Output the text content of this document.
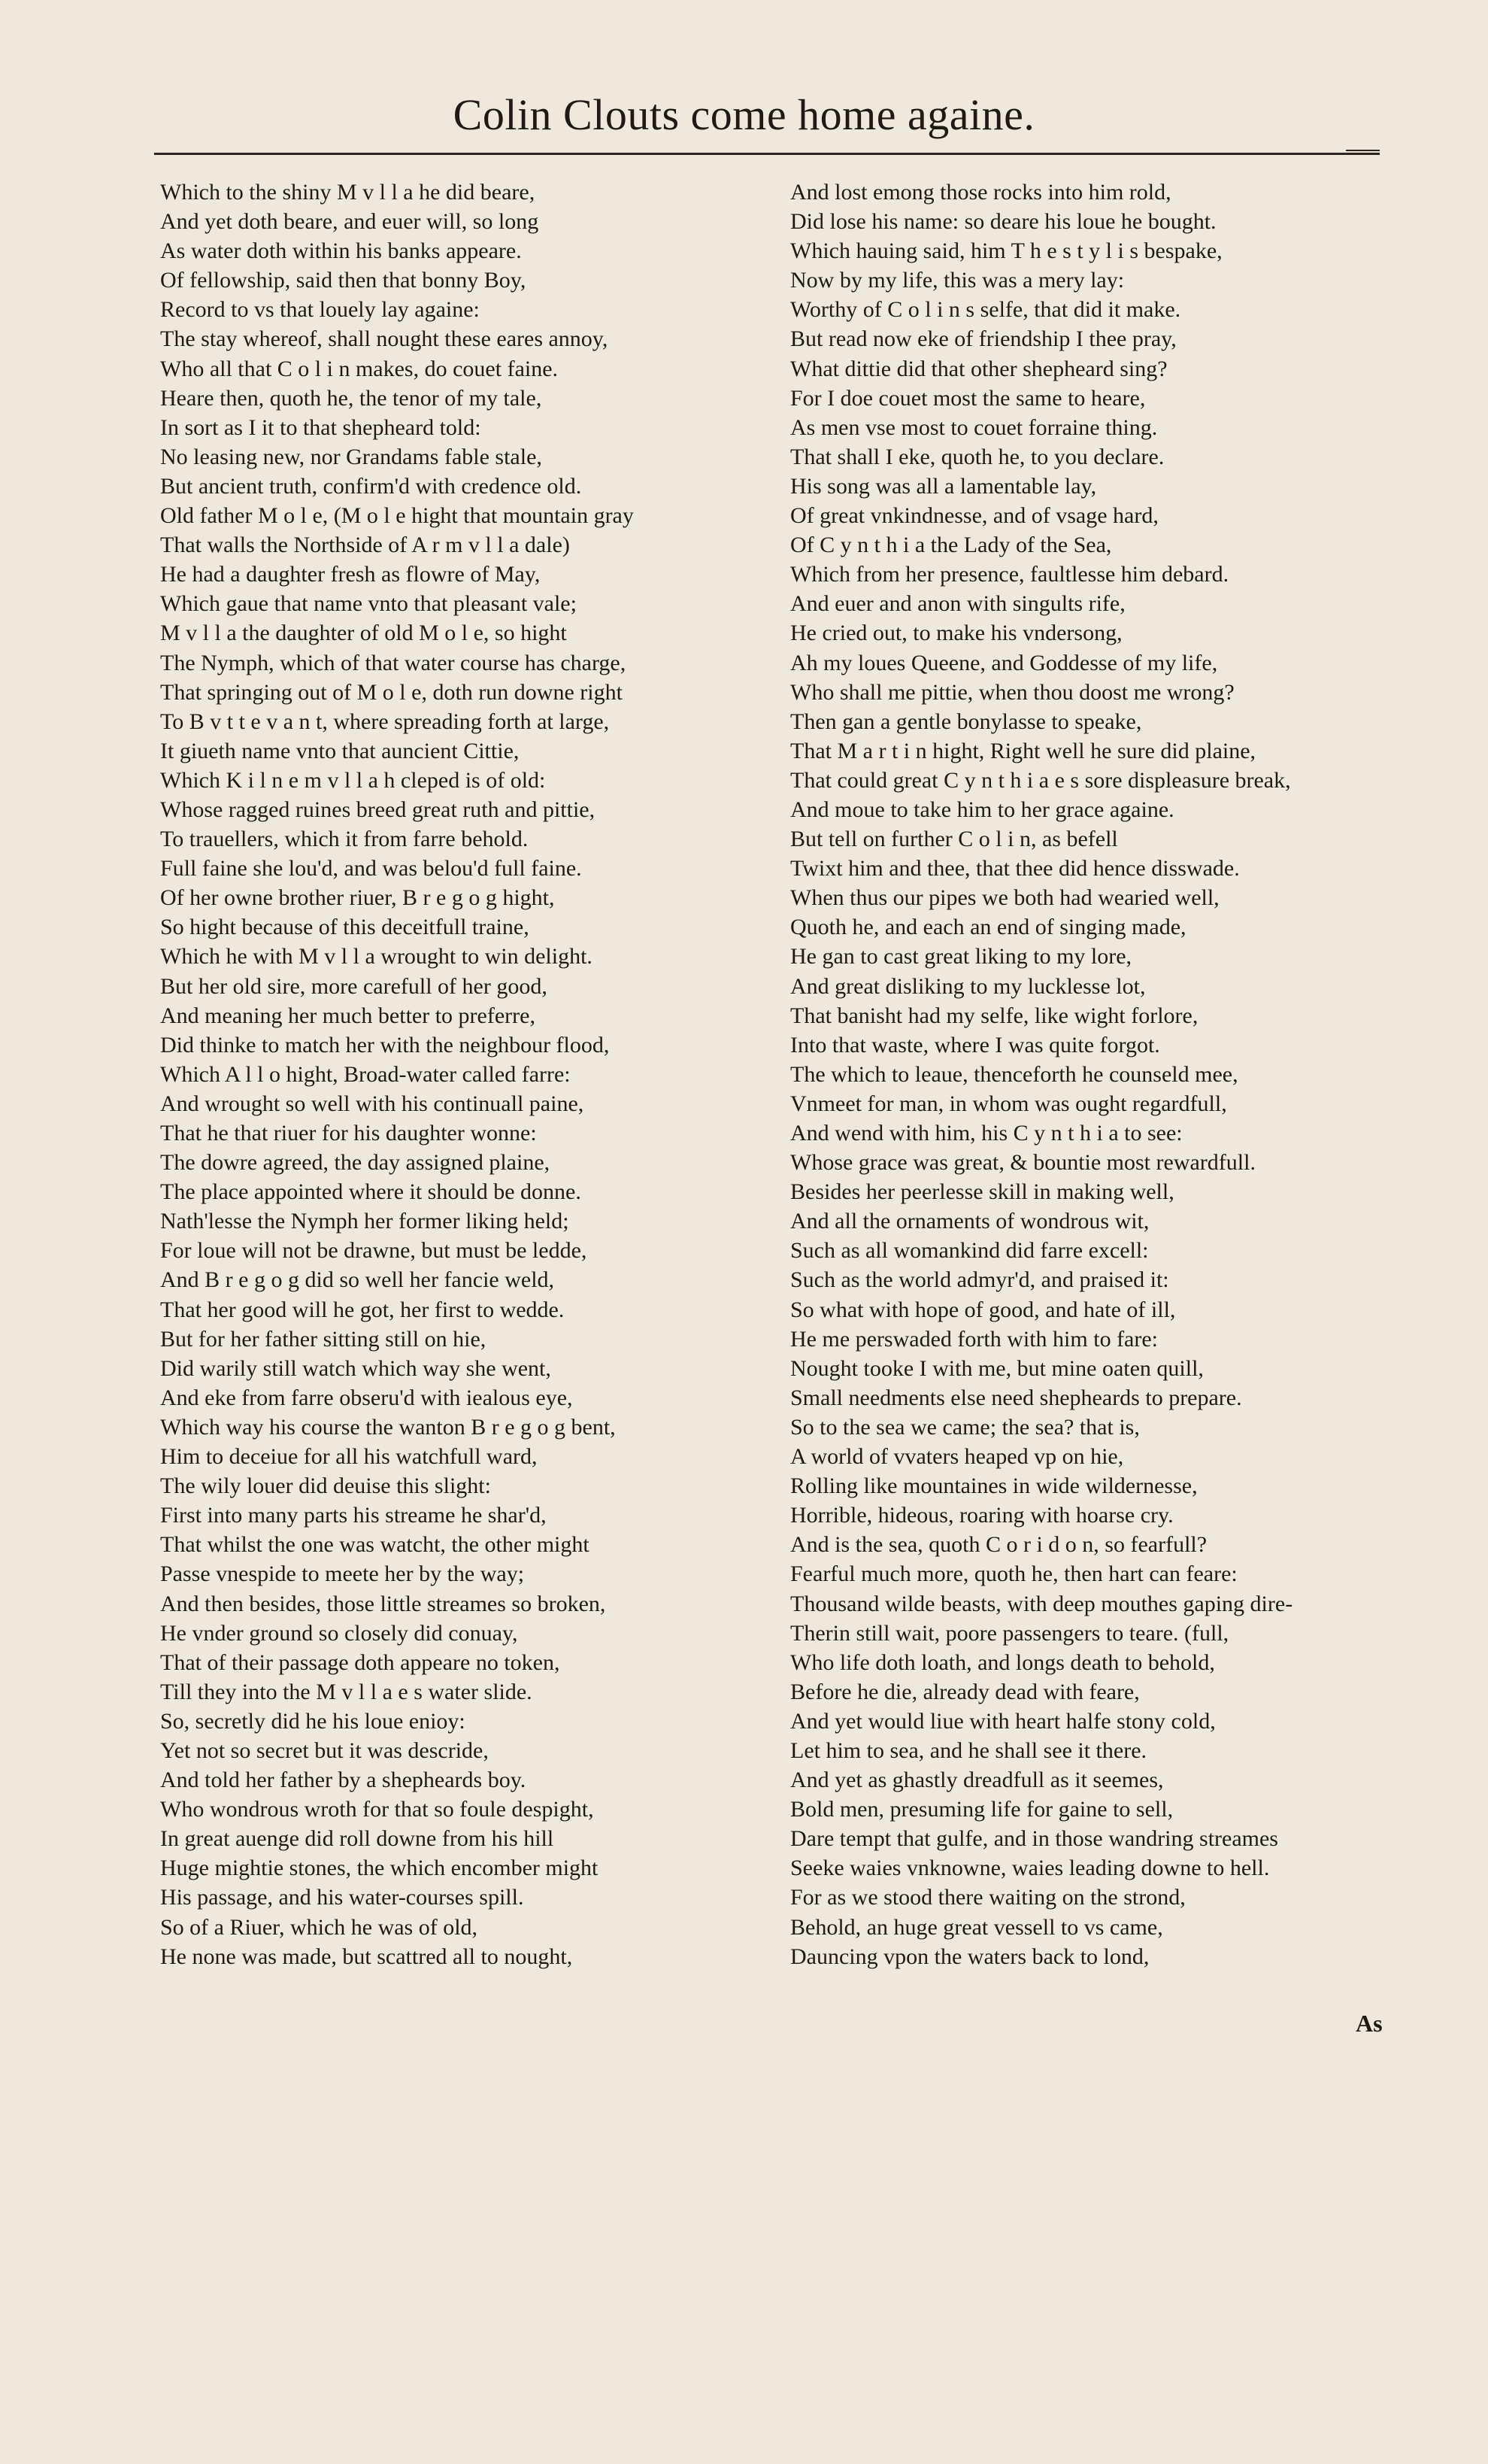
Colin Clouts come home againe.
Which to the shiny M v l l a he did beare,
And yet doth beare, and euer will, so long
As water doth within his banks appeare.
Of fellowship, said then that bonny Boy,
Record to vs that louely lay againe:
The stay whereof, shall nought these eares annoy,
Who all that C o l i n makes, do couet faine.
Heare then, quoth he, the tenor of my tale,
In sort as I it to that shepheard told:
No leasing new, nor Grandams fable stale,
But ancient truth, confirm'd with credence old.
Old father M o l e, (M o l e hight that mountain gray
That walls the Northside of A r m v l l a dale)
He had a daughter fresh as flowre of May,
Which gaue that name vnto that pleasant vale;
M v l l a the daughter of old M o l e, so hight
The Nymph, which of that water course has charge,
That springing out of M o l e, doth run downe right
To B v t t e v a n t, where spreading forth at large,
It giueth name vnto that auncient Cittie,
Which K i l n e m v l l a h cleped is of old:
Whose ragged ruines breed great ruth and pittie,
To trauellers, which it from farre behold.
Full faine she lou'd, and was belou'd full faine.
Of her owne brother riuer, B r e g o g hight,
So hight because of this deceitfull traine,
Which he with M v l l a wrought to win delight.
But her old sire, more carefull of her good,
And meaning her much better to preferre,
Did thinke to match her with the neighbour flood,
Which A l l o hight, Broad-water called farre:
And wrought so well with his continuall paine,
That he that riuer for his daughter wonne:
The dowre agreed, the day assigned plaine,
The place appointed where it should be donne.
Nath'lesse the Nymph her former liking held;
For loue will not be drawne, but must be ledde,
And B r e g o g did so well her fancie weld,
That her good will he got, her first to wedde.
But for her father sitting still on hie,
Did warily still watch which way she went,
And eke from farre obseru'd with iealous eye,
Which way his course the wanton B r e g o g bent,
Him to deceiue for all his watchfull ward,
The wily louer did deuise this slight:
First into many parts his streame he shar'd,
That whilst the one was watcht, the other might
Passe vnespide to meete her by the way;
And then besides, those little streames so broken,
He vnder ground so closely did conuay,
That of their passage doth appeare no token,
Till they into the M v l l a e s water slide.
So, secretly did he his loue enioy:
Yet not so secret but it was descride,
And told her father by a shepheards boy.
Who wondrous wroth for that so foule despight,
In great auenge did roll downe from his hill
Huge mightie stones, the which encomber might
His passage, and his water-courses spill.
So of a Riuer, which he was of old,
He none was made, but scattred all to nought,
And lost emong those rocks into him rold,
Did lose his name: so deare his loue he bought.
Which hauing said, him T h e s t y l i s bespake,
Now by my life, this was a mery lay:
Worthy of C o l i n s selfe, that did it make.
But read now eke of friendship I thee pray,
What dittie did that other shepheard sing?
For I doe couet most the same to heare,
As men vse most to couet forraine thing.
That shall I eke, quoth he, to you declare.
His song was all a lamentable lay,
Of great vnkindnesse, and of vsage hard,
Of C y n t h i a the Lady of the Sea,
Which from her presence, faultlesse him debard.
And euer and anon with singults rife,
He cried out, to make his vndersong,
Ah my loues Queene, and Goddesse of my life,
Who shall me pittie, when thou doost me wrong?
Then gan a gentle bonylasse to speake,
That M a r t i n hight, Right well he sure did plaine,
That could great C y n t h i a e s sore displeasure break,
And moue to take him to her grace againe.
But tell on further C o l i n, as befell
Twixt him and thee, that thee did hence disswade.
When thus our pipes we both had wearied well,
Quoth he, and each an end of singing made,
He gan to cast great liking to my lore,
And great disliking to my lucklesse lot,
That banisht had my selfe, like wight forlore,
Into that waste, where I was quite forgot.
The which to leaue, thenceforth he counseld mee,
Vnmeet for man, in whom was ought regardfull,
And wend with him, his C y n t h i a to see:
Whose grace was great, & bountie most rewardfull.
Besides her peerlesse skill in making well,
And all the ornaments of wondrous wit,
Such as all womankind did farre excell:
Such as the world admyr'd, and praised it:
So what with hope of good, and hate of ill,
He me perswaded forth with him to fare:
Nought tooke I with me, but mine oaten quill,
Small needments else need shepheards to prepare.
So to the sea we came; the sea? that is,
A world of vvaters heaped vp on hie,
Rolling like mountaines in wide wildernesse,
Horrible, hideous, roaring with hoarse cry.
And is the sea, quoth C o r i d o n, so fearfull?
Fearful much more, quoth he, then hart can feare:
Thousand wilde beasts, with deep mouthes gaping dire-
Therin still wait, poore passengers to teare. (full,
Who life doth loath, and longs death to behold,
Before he die, already dead with feare,
And yet would liue with heart halfe stony cold,
Let him to sea, and he shall see it there.
And yet as ghastly dreadfull as it seemes,
Bold men, presuming life for gaine to sell,
Dare tempt that gulfe, and in those wandring streames
Seeke waies vnknowne, waies leading downe to hell.
For as we stood there waiting on the strond,
Behold, an huge great vessell to vs came,
Dauncing vpon the waters back to lond,
As
